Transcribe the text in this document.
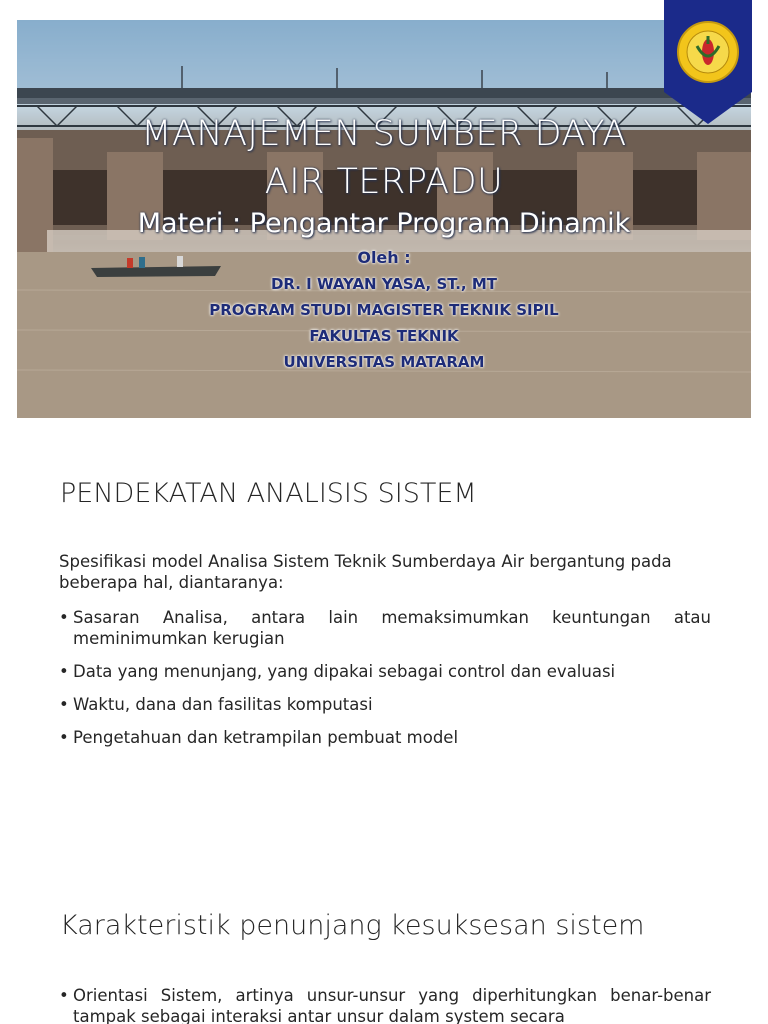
MANAJEMEN SUMBER DAYA
AIR TERPADU
Materi : Pengantar Program Dinamik
Oleh :
DR. I WAYAN YASA, ST., MT
PROGRAM STUDI MAGISTER TEKNIK SIPIL
FAKULTAS TEKNIK
UNIVERSITAS MATARAM
PENDEKATAN ANALISIS SISTEM
Spesifikasi model Analisa Sistem Teknik Sumberdaya Air bergantung pada beberapa hal, diantaranya:
• Sasaran Analisa, antara lain memaksimumkan keuntungan atau meminimumkan kerugian
• Data yang menunjang, yang dipakai sebagai control dan evaluasi
• Waktu, dana dan fasilitas komputasi
• Pengetahuan dan ketrampilan pembuat model
Karakteristik penunjang kesuksesan sistem
• Orientasi Sistem, artinya unsur-unsur yang diperhitungkan benar-benar tampak sebagai interaksi antar unsur dalam system secara
